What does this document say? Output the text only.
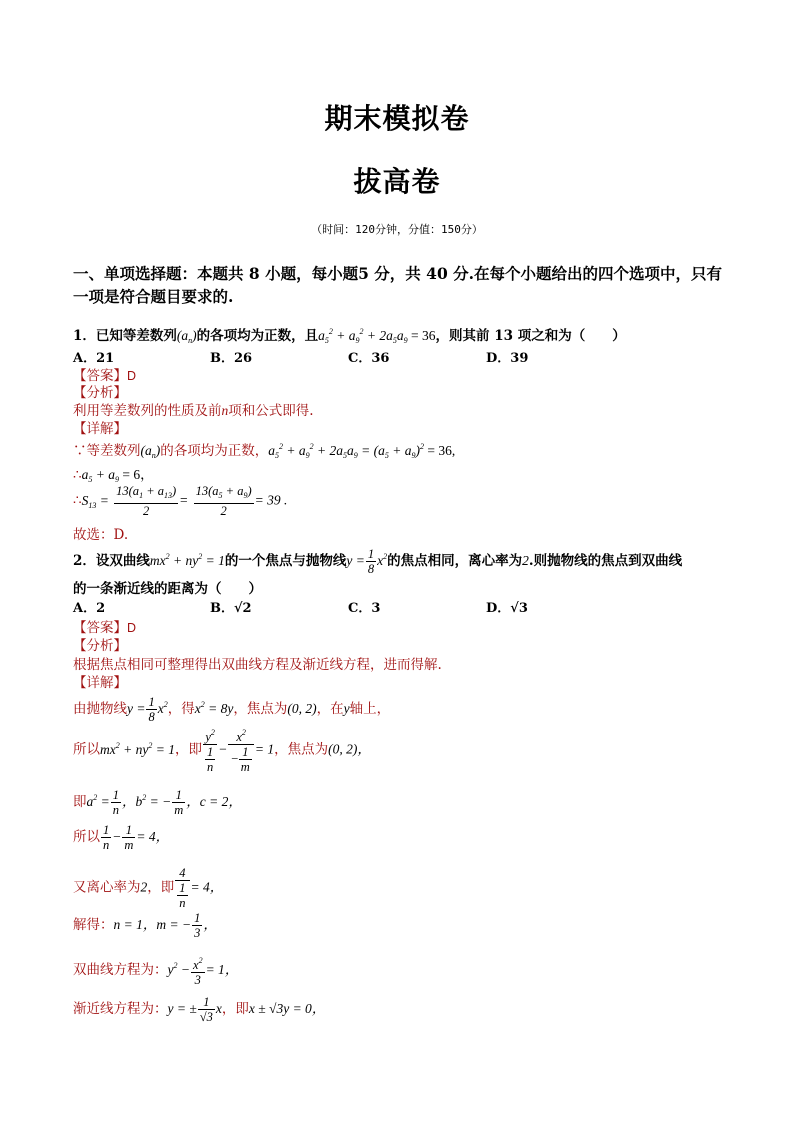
期末模拟卷
拔高卷
（时间：120分钟，分值：150分）
一、单项选择题：本题共 8 小题，每小题5 分，共 40 分.在每个小题给出的四个选项中，只有
一项是符合题目要求的.
1．已知等差数列$(a_n)$的各项均为正数，且$a_5^2 + a_9^2 + 2a_5a_9 = 36$，则其前 13 项之和为（　　）
A．21	B．26	C．36	D．39
【答案】D
【分析】
利用等差数列的性质及前n项和公式即得.
【详解】
∵等差数列$(a_n)$的各项均为正数，$a_5^2 + a_9^2 + 2a_5a_9 = (a_5 + a_9)^2 = 36$,
$\therefore a_5 + a_9 = 6$，
$\therefore S_{13} = \frac{13(a_1 + a_{13})}{2} = \frac{13(a_5 + a_9)}{2} = 39$ .
故选：D.
2．设双曲线$mx^2 + ny^2 = 1$的一个焦点与抛物线$y = \frac{1}{8} x^2$的焦点相同，离心率为2.则抛物线的焦点到双曲线
的一条渐近线的距离为（　　）
A．2	B．√2	C．3	D．√3
【答案】D
【分析】
根据焦点相同可整理得出双曲线方程及渐近线方程，进而得解.
【详解】
由抛物线$y = \frac{1}{8} x^2$，得$x^2 = 8y$，焦点为(0, 2)，在y轴上，
所以$mx^2 + ny^2 = 1$，即 $\frac{y^2}{\frac{1}{n}} - \frac{x^2}{- \frac{1}{m}} = 1$，焦点为(0, 2)，
即$a^2 = \frac{1}{n}$ ，$b^2$ = − $\frac{1}{m}$ ，c = 2，
所以 $\frac{1}{n} - \frac{1}{m} = 4$，
又离心率为2，即 $\frac{4}{\frac{1}{n}} = 4$，
解得：n = 1，m = − $\frac{1}{3}$ ，
双曲线方程为：$y^2 - \frac{x^2}{3} = 1$，
渐近线方程为：y = ± $\frac{1}{√3}$ x，即x ± √3y = 0，
